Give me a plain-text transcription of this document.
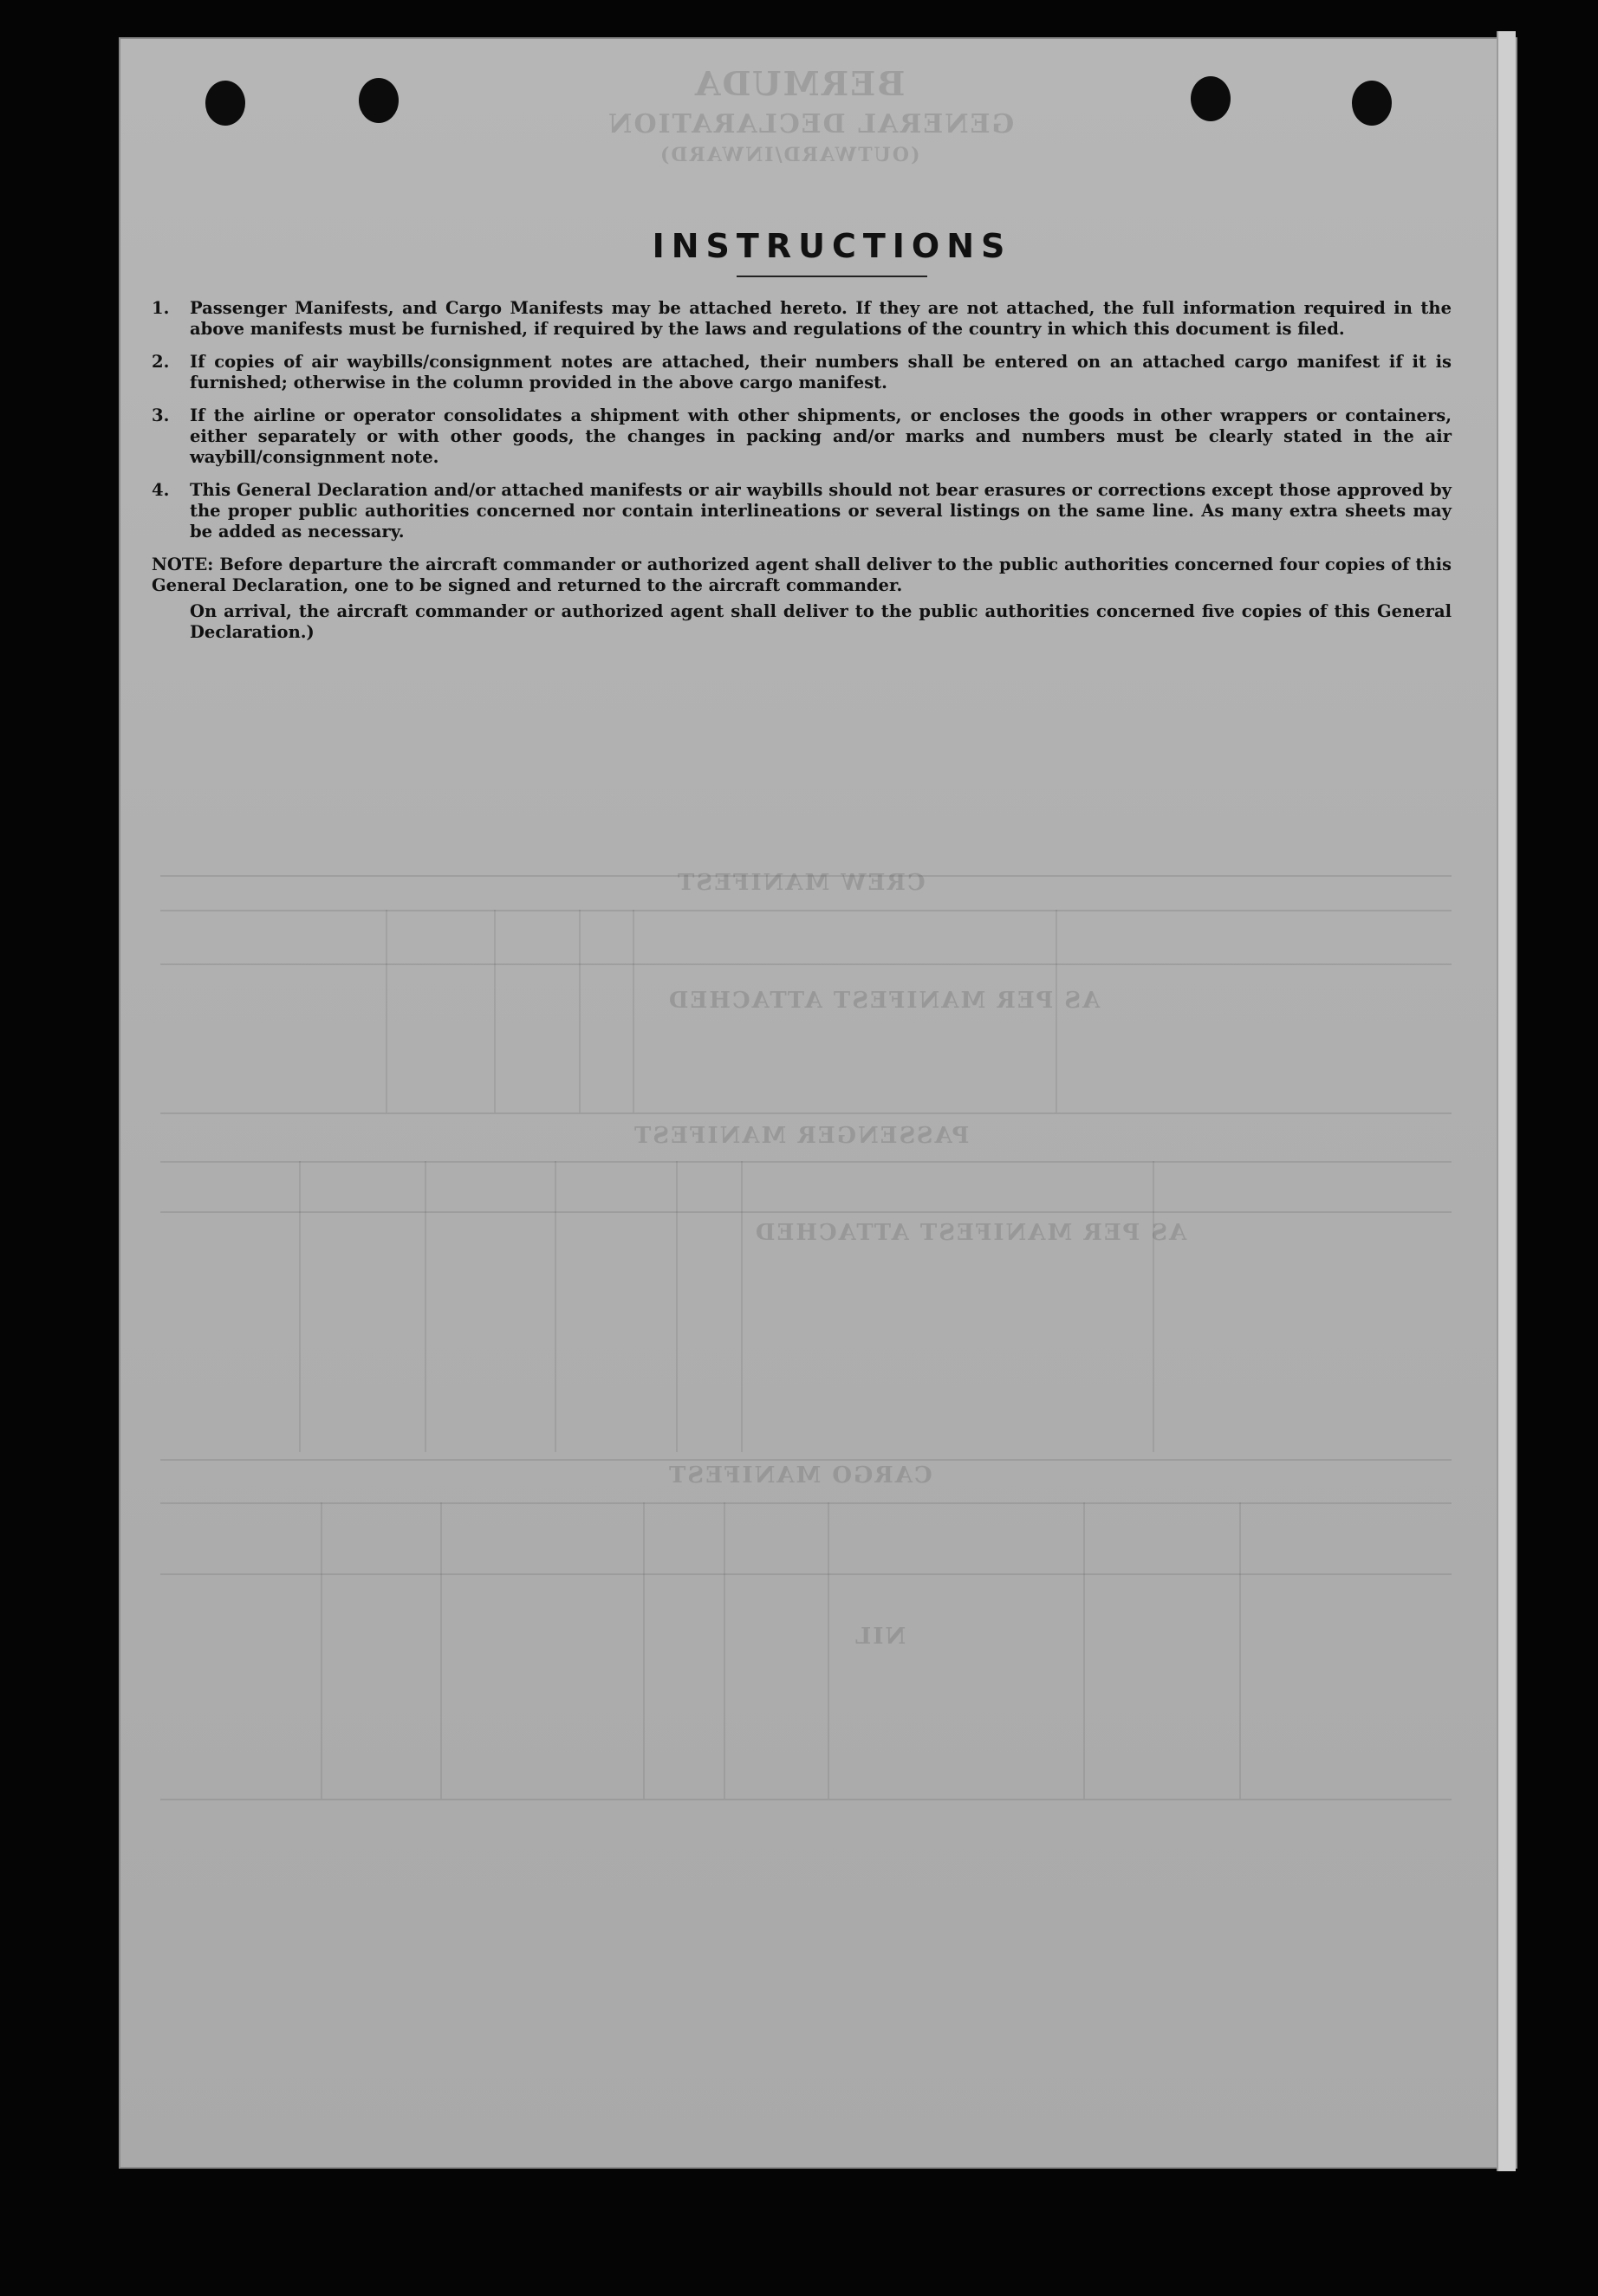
BERMUDA
GENERAL DECLARATION
(OUTWARD/INWARD)
CREW MANIFEST
AS PER MANIFEST ATTACHED
PASSENGER MANIFEST
AS PER MANIFEST ATTACHED
CARGO MANIFEST
NIL
INSTRUCTIONS
1.	Passenger Manifests, and Cargo Manifests may be attached hereto. If they are not attached, the full information required in the above manifests must be furnished, if required by the laws and regulations of the country in which this document is filed.
2.	If copies of air waybills/consignment notes are attached, their numbers shall be entered on an attached cargo manifest if it is furnished; otherwise in the column provided in the above cargo manifest.
3.	If the airline or operator consolidates a shipment with other shipments, or encloses the goods in other wrappers or containers, either separately or with other goods, the changes in packing and/or marks and numbers must be clearly stated in the air waybill/consignment note.
4.	This General Declaration and/or attached manifests or air waybills should not bear erasures or corrections except those approved by the proper public authorities concerned nor contain interlineations or several listings on the same line. As many extra sheets may be added as necessary.
NOTE: Before departure the aircraft commander or authorized agent shall deliver to the public authorities concerned four copies of this General Declaration, one to be signed and returned to the aircraft commander.
On arrival, the aircraft commander or authorized agent shall deliver to the public authorities concerned five copies of this General Declaration.)
